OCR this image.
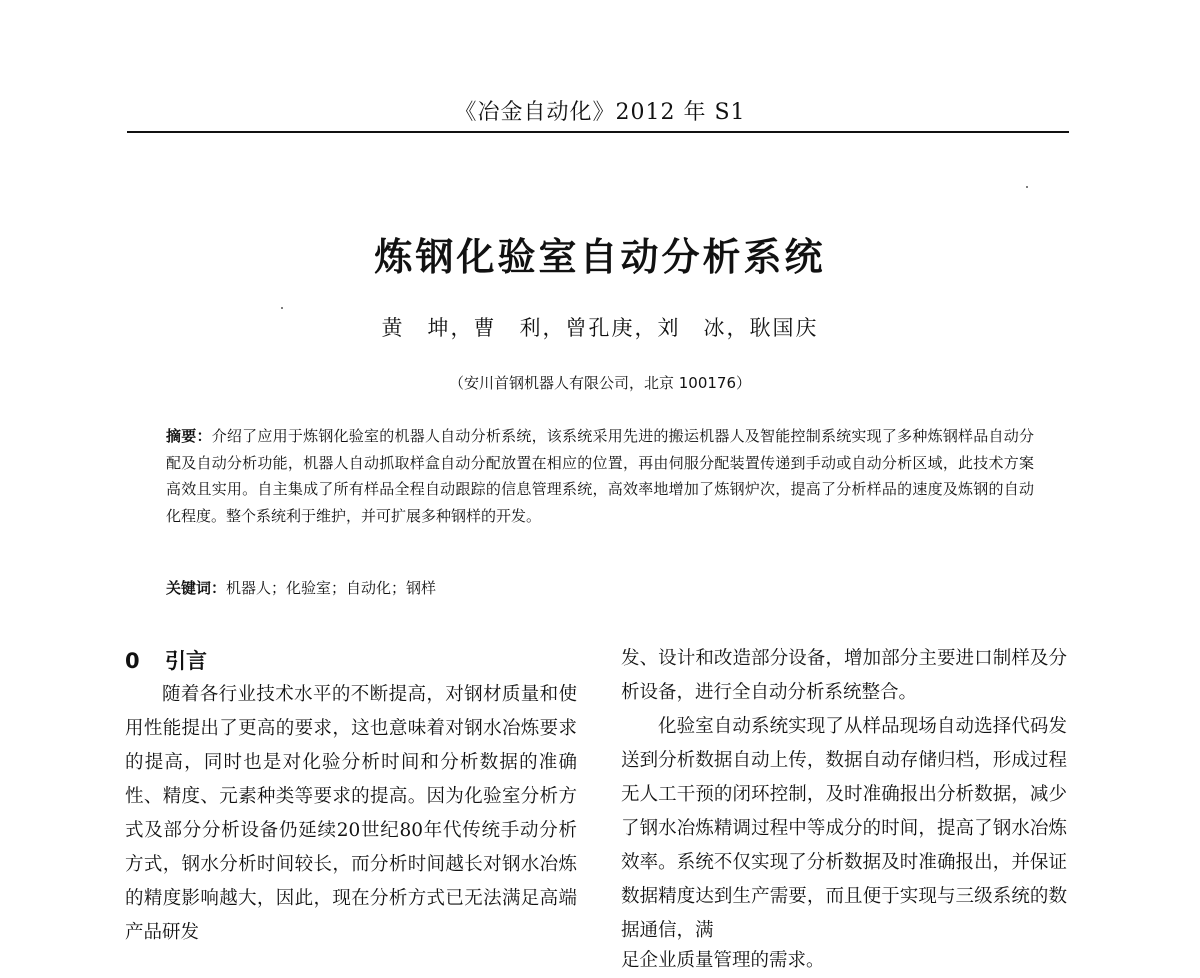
《冶金自动化》2012 年 S1
炼钢化验室自动分析系统
黄　坤，曹　利，曾孔庚，刘　冰，耿国庆
（安川首钢机器人有限公司，北京 100176）
摘要：介绍了应用于炼钢化验室的机器人自动分析系统，该系统采用先进的搬运机器人及智能控制系统实现了多种炼钢样品自动分配及自动分析功能，机器人自动抓取样盒自动分配放置在相应的位置，再由伺服分配装置传递到手动或自动分析区域，此技术方案高效且实用。自主集成了所有样品全程自动跟踪的信息管理系统，高效率地增加了炼钢炉次，提高了分析样品的速度及炼钢的自动化程度。整个系统利于维护，并可扩展多种钢样的开发。
关键词：机器人；化验室；自动化；钢样
0 引言

随着各行业技术水平的不断提高，对钢材质量和使用性能提出了更高的要求，这也意味着对钢水冶炼要求的提高，同时也是对化验分析时间和分析数据的准确性、精度、元素种类等要求的提高。因为化验室分析方式及部分分析设备仍延续20世纪80年代传统手动分析方式，钢水分析时间较长，而分析时间越长对钢水冶炼的精度影响越大，因此，现在分析方式已无法满足高端产品研发

发、设计和改造部分设备，增加部分主要进口制样及分析设备，进行全自动分析系统整合。

化验室自动系统实现了从样品现场自动选择代码发送到分析数据自动上传，数据自动存储归档，形成过程无人工干预的闭环控制，及时准确报出分析数据，减少了钢水冶炼精调过程中等成分的时间，提高了钢水冶炼效率。系统不仅实现了分析数据及时准确报出，并保证数据精度达到生产需要，而且便于实现与三级系统的数据通信，满

足企业质量管理的需求。
